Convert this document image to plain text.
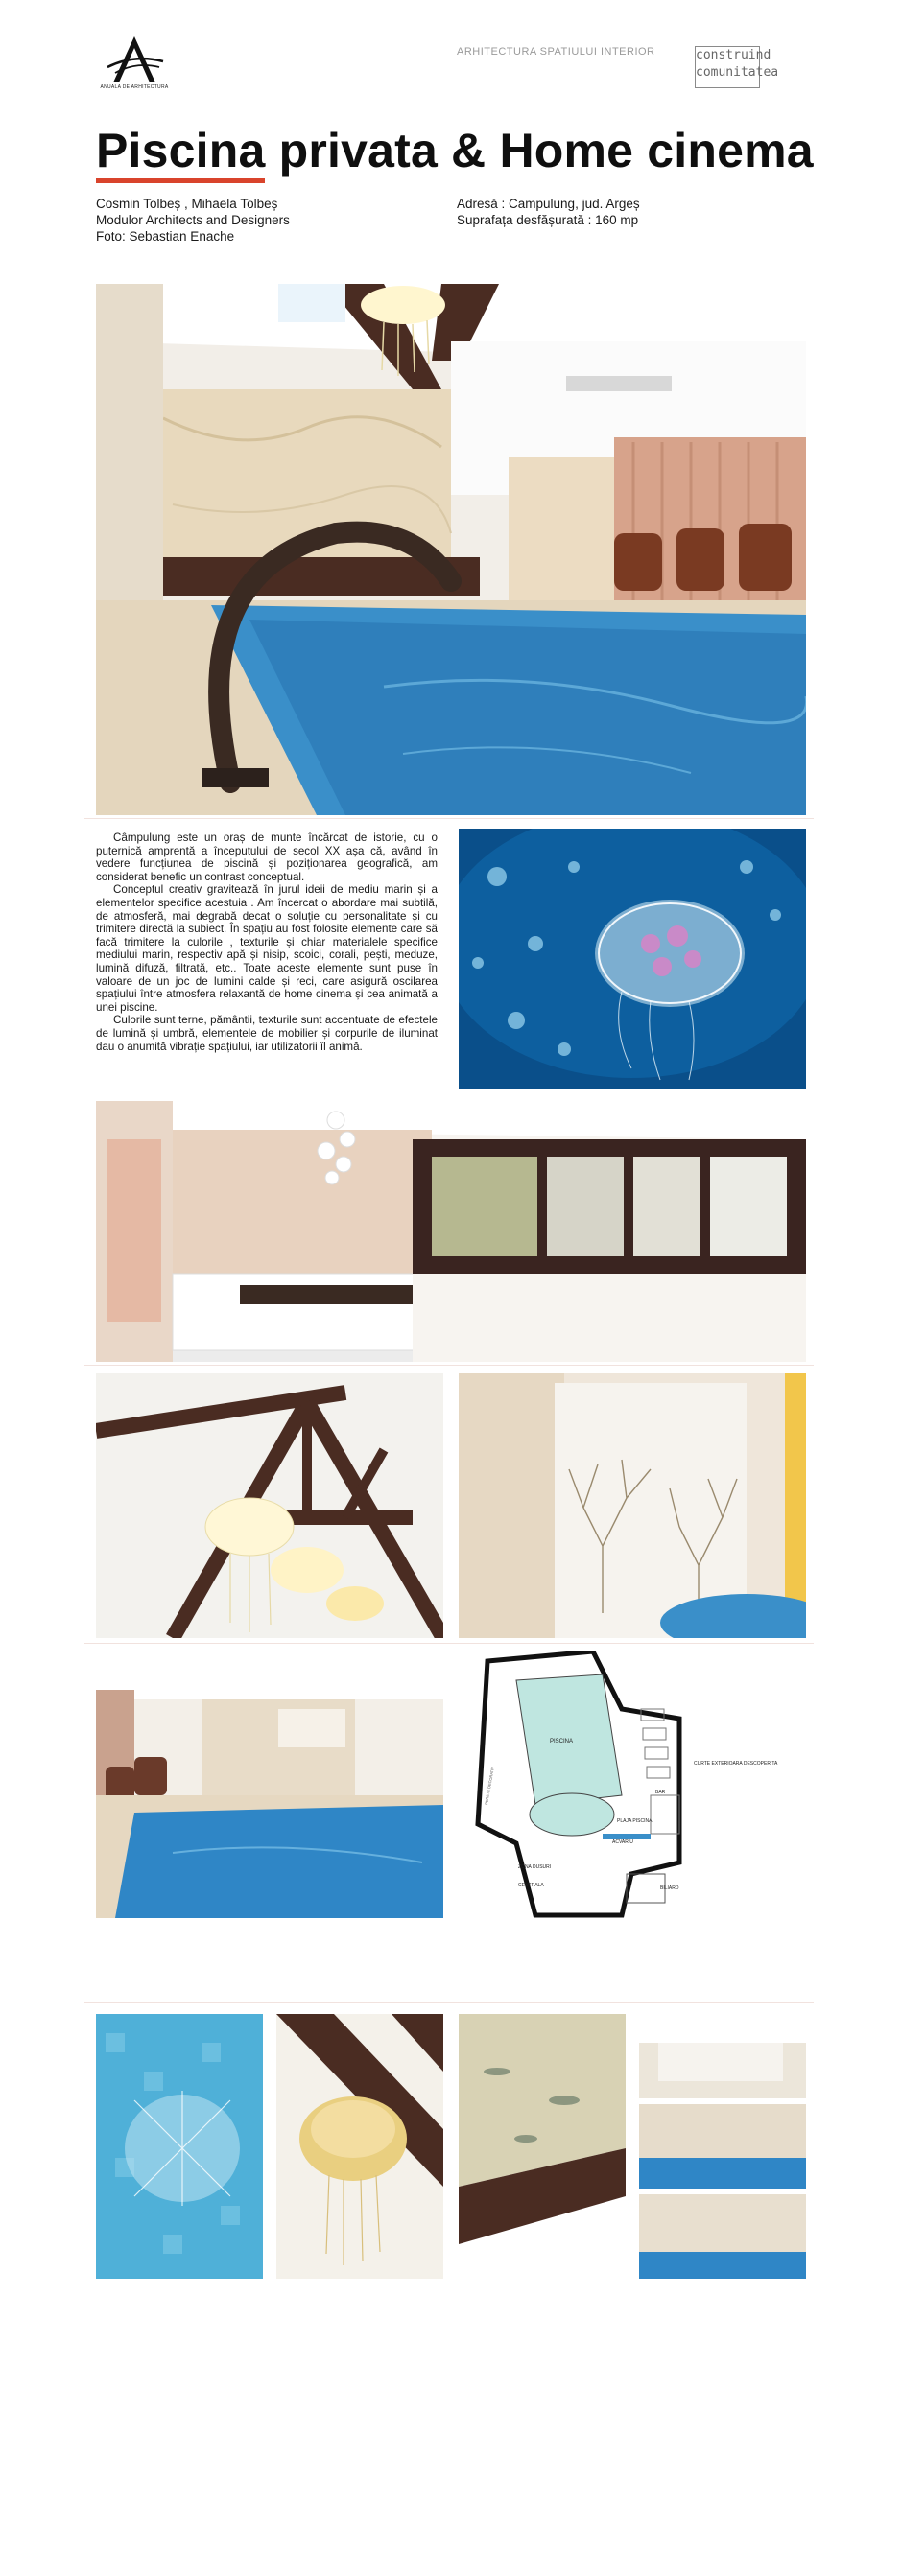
ANUALA DE ARHITECTURA
ARHITECTURA SPATIULUI INTERIOR	construind
comunitatea
Piscina privata & Home cinema
Cosmin Tolbeș , Mihaela Tolbeș
Modulor Architects and Designers
Foto: Sebastian Enache
Adresă : Campulung, jud. Argeș
Suprafața desfășurată : 160 mp

Câmpulung este un oraș de munte încărcat de istorie, cu o puternică amprentă a începutului de secol XX așa că, având în vedere funcțiunea de piscină și poziționarea geografică, am considerat benefic un contrast conceptual.

Conceptul creativ gravitează în jurul ideii de mediu marin și a elementelor specifice acestuia . Am încercat o abordare mai subtilă, de atmosferă, mai degrabă decat o soluție cu personalitate și cu trimitere directă la subiect. În spațiu au fost folosite elemente care să facă trimitere la culorile , texturile și chiar materialele specifice mediului marin, respectiv apă și nisip, scoici, corali, pești, meduze, lumină difuză, filtrată, etc.. Toate aceste elemente sunt puse în valoare de un joc de lumini calde și reci, care asigură oscilarea spațiului între atmosfera relaxantă de home cinema și cea animată a unei piscine.

Culorile sunt terne, pământii, texturile sunt accentuate de efectele de lumină și umbră, elementele de mobilier și corpurile de iluminat dau o anumită vibrație spațiului, iar utilizatorii îl animă.

PISCINA
CURTE EXTERIOARA DESCOPERITA
PLAJA PISCINA
BAR
ZONA DUSURI
BILIARD
ACVARIU
CENTRALA
PERETE DECORATIV
